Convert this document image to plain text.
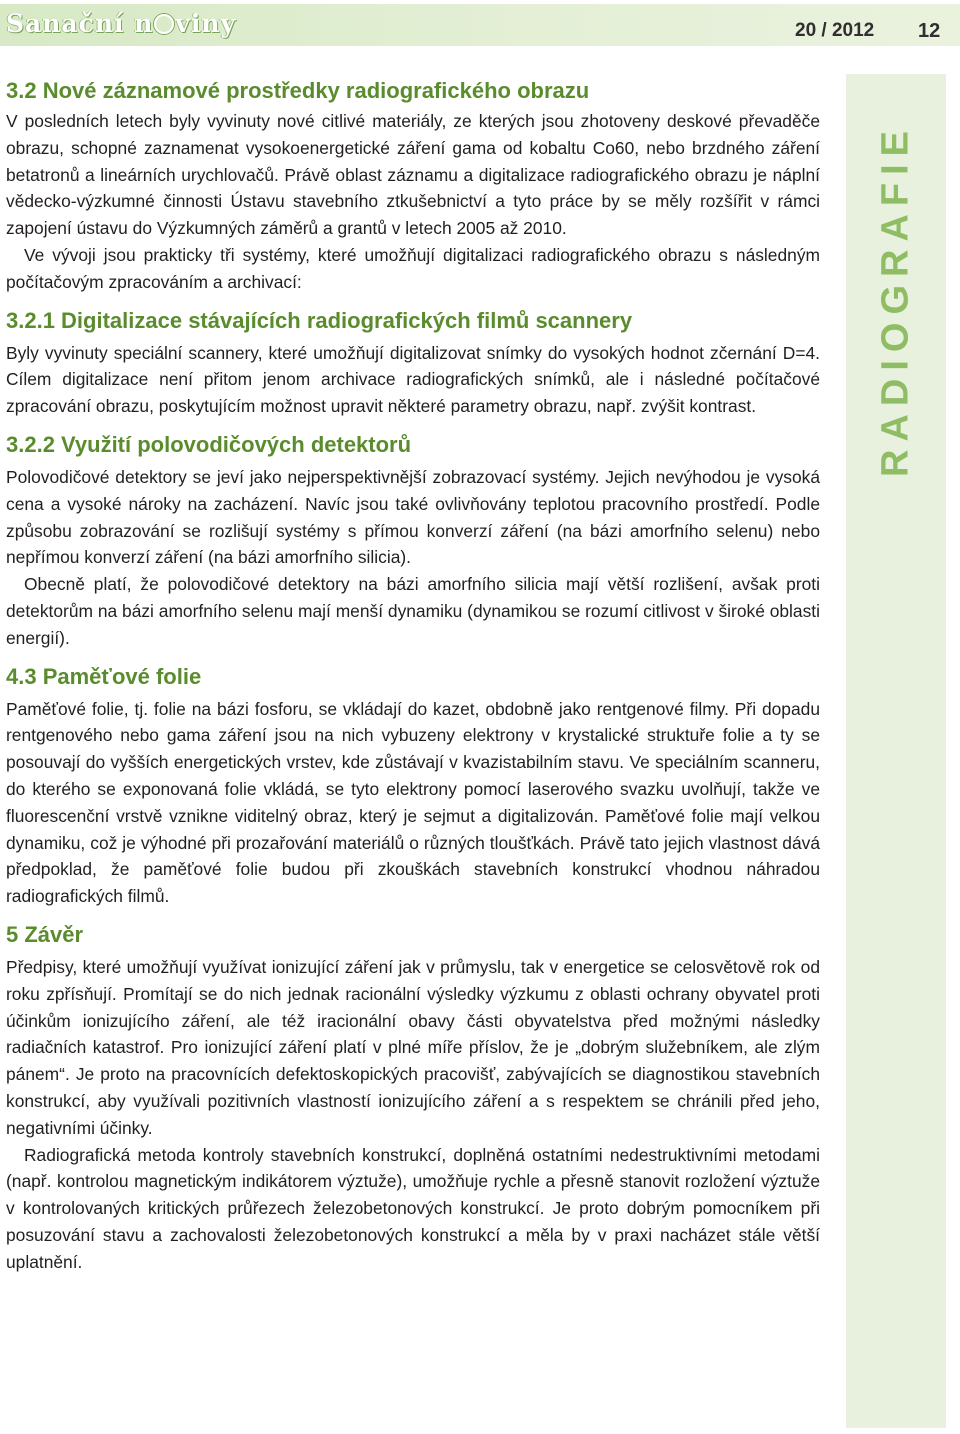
Sanační n viny	20 / 2012 12
RADIOGRAFIE
3.2 Nové záznamové prostředky radiografického obrazu

V posledních letech byly vyvinuty nové citlivé materiály, ze kterých jsou zhotoveny deskové převaděče obrazu, schopné zaznamenat vysokoenergetické záření gama od kobaltu Co60, nebo brzdného záření betatronů a lineárních urychlovačů. Právě oblast záznamu a digitalizace radiografického obrazu je náplní vědecko-výzkumné činnosti Ústavu stavebního ztkušebnictví a tyto práce by se měly rozšířit v rámci zapojení ústavu do Výzkumných záměrů a grantů v letech 2005 až 2010.

Ve vývoji jsou prakticky tři systémy, které umožňují digitalizaci radiografického obrazu s následným počítačovým zpracováním a archivací:

3.2.1 Digitalizace stávajících radiografických filmů scannery

Byly vyvinuty speciální scannery, které umožňují digitalizovat snímky do vysokých hodnot zčernání D=4. Cílem digitalizace není přitom jenom archivace radiografických snímků, ale i následné počítačové zpracování obrazu, poskytujícím možnost upravit některé parametry obrazu, např. zvýšit kontrast.

3.2.2 Využití polovodičových detektorů

Polovodičové detektory se jeví jako nejperspektivnější zobrazovací systémy. Jejich nevýhodou je vysoká cena a vysoké nároky na zacházení. Navíc jsou také ovlivňovány teplotou pracovního prostředí. Podle způsobu zobrazování se rozlišují systémy s přímou konverzí záření (na bázi amorfního selenu) nebo nepřímou konverzí záření (na bázi amorfního silicia).

Obecně platí, že polovodičové detektory na bázi amorfního silicia mají větší rozlišení, avšak proti detektorům na bázi amorfního selenu mají menší dynamiku (dynamikou se rozumí citlivost v široké oblasti energií).

4.3 Paměťové folie

Paměťové folie, tj. folie na bázi fosforu, se vkládají do kazet, obdobně jako rentgenové filmy. Při dopadu rentgenového nebo gama záření jsou na nich vybuzeny elektrony v krystalické struktuře folie a ty se posouvají do vyšších energetických vrstev, kde zůstávají v kvazistabilním stavu. Ve speciálním scanneru, do kterého se exponovaná folie vkládá, se tyto elektrony pomocí laserového svazku uvolňují, takže ve fluorescenční vrstvě vznikne viditelný obraz, který je sejmut a digitalizován. Paměťové folie mají velkou dynamiku, což je výhodné při prozařování materiálů o různých tloušťkách. Právě tato jejich vlastnost dává předpoklad, že paměťové folie budou při zkouškách stavebních konstrukcí vhodnou náhradou radiografických filmů.

5 Závěr

Předpisy, které umožňují využívat ionizující záření jak v průmyslu, tak v energetice se celosvětově rok od roku zpřísňují. Promítají se do nich jednak racionální výsledky výzkumu z oblasti ochrany obyvatel proti účinkům ionizujícího záření, ale též iracionální obavy části obyvatelstva před možnými následky radiačních katastrof. Pro ionizující záření platí v plné míře příslov, že je „dobrým služebníkem, ale zlým pánem“. Je proto na pracovnících defektoskopických pracovišť, zabývajících se diagnostikou stavebních konstrukcí, aby využívali pozitivních vlastností ionizujícího záření a s respektem se chránili před jeho, negativními účinky.

Radiografická metoda kontroly stavebních konstrukcí, doplněná ostatními nedestruktivními metodami (např. kontrolou magnetickým indikátorem výztuže), umožňuje rychle a přesně stanovit rozložení výztuže v kontrolovaných kritických průřezech železobetonových konstrukcí. Je proto dobrým pomocníkem při posuzování stavu a zachovalosti železobetonových konstrukcí a měla by v praxi nacházet stále větší uplatnění.
